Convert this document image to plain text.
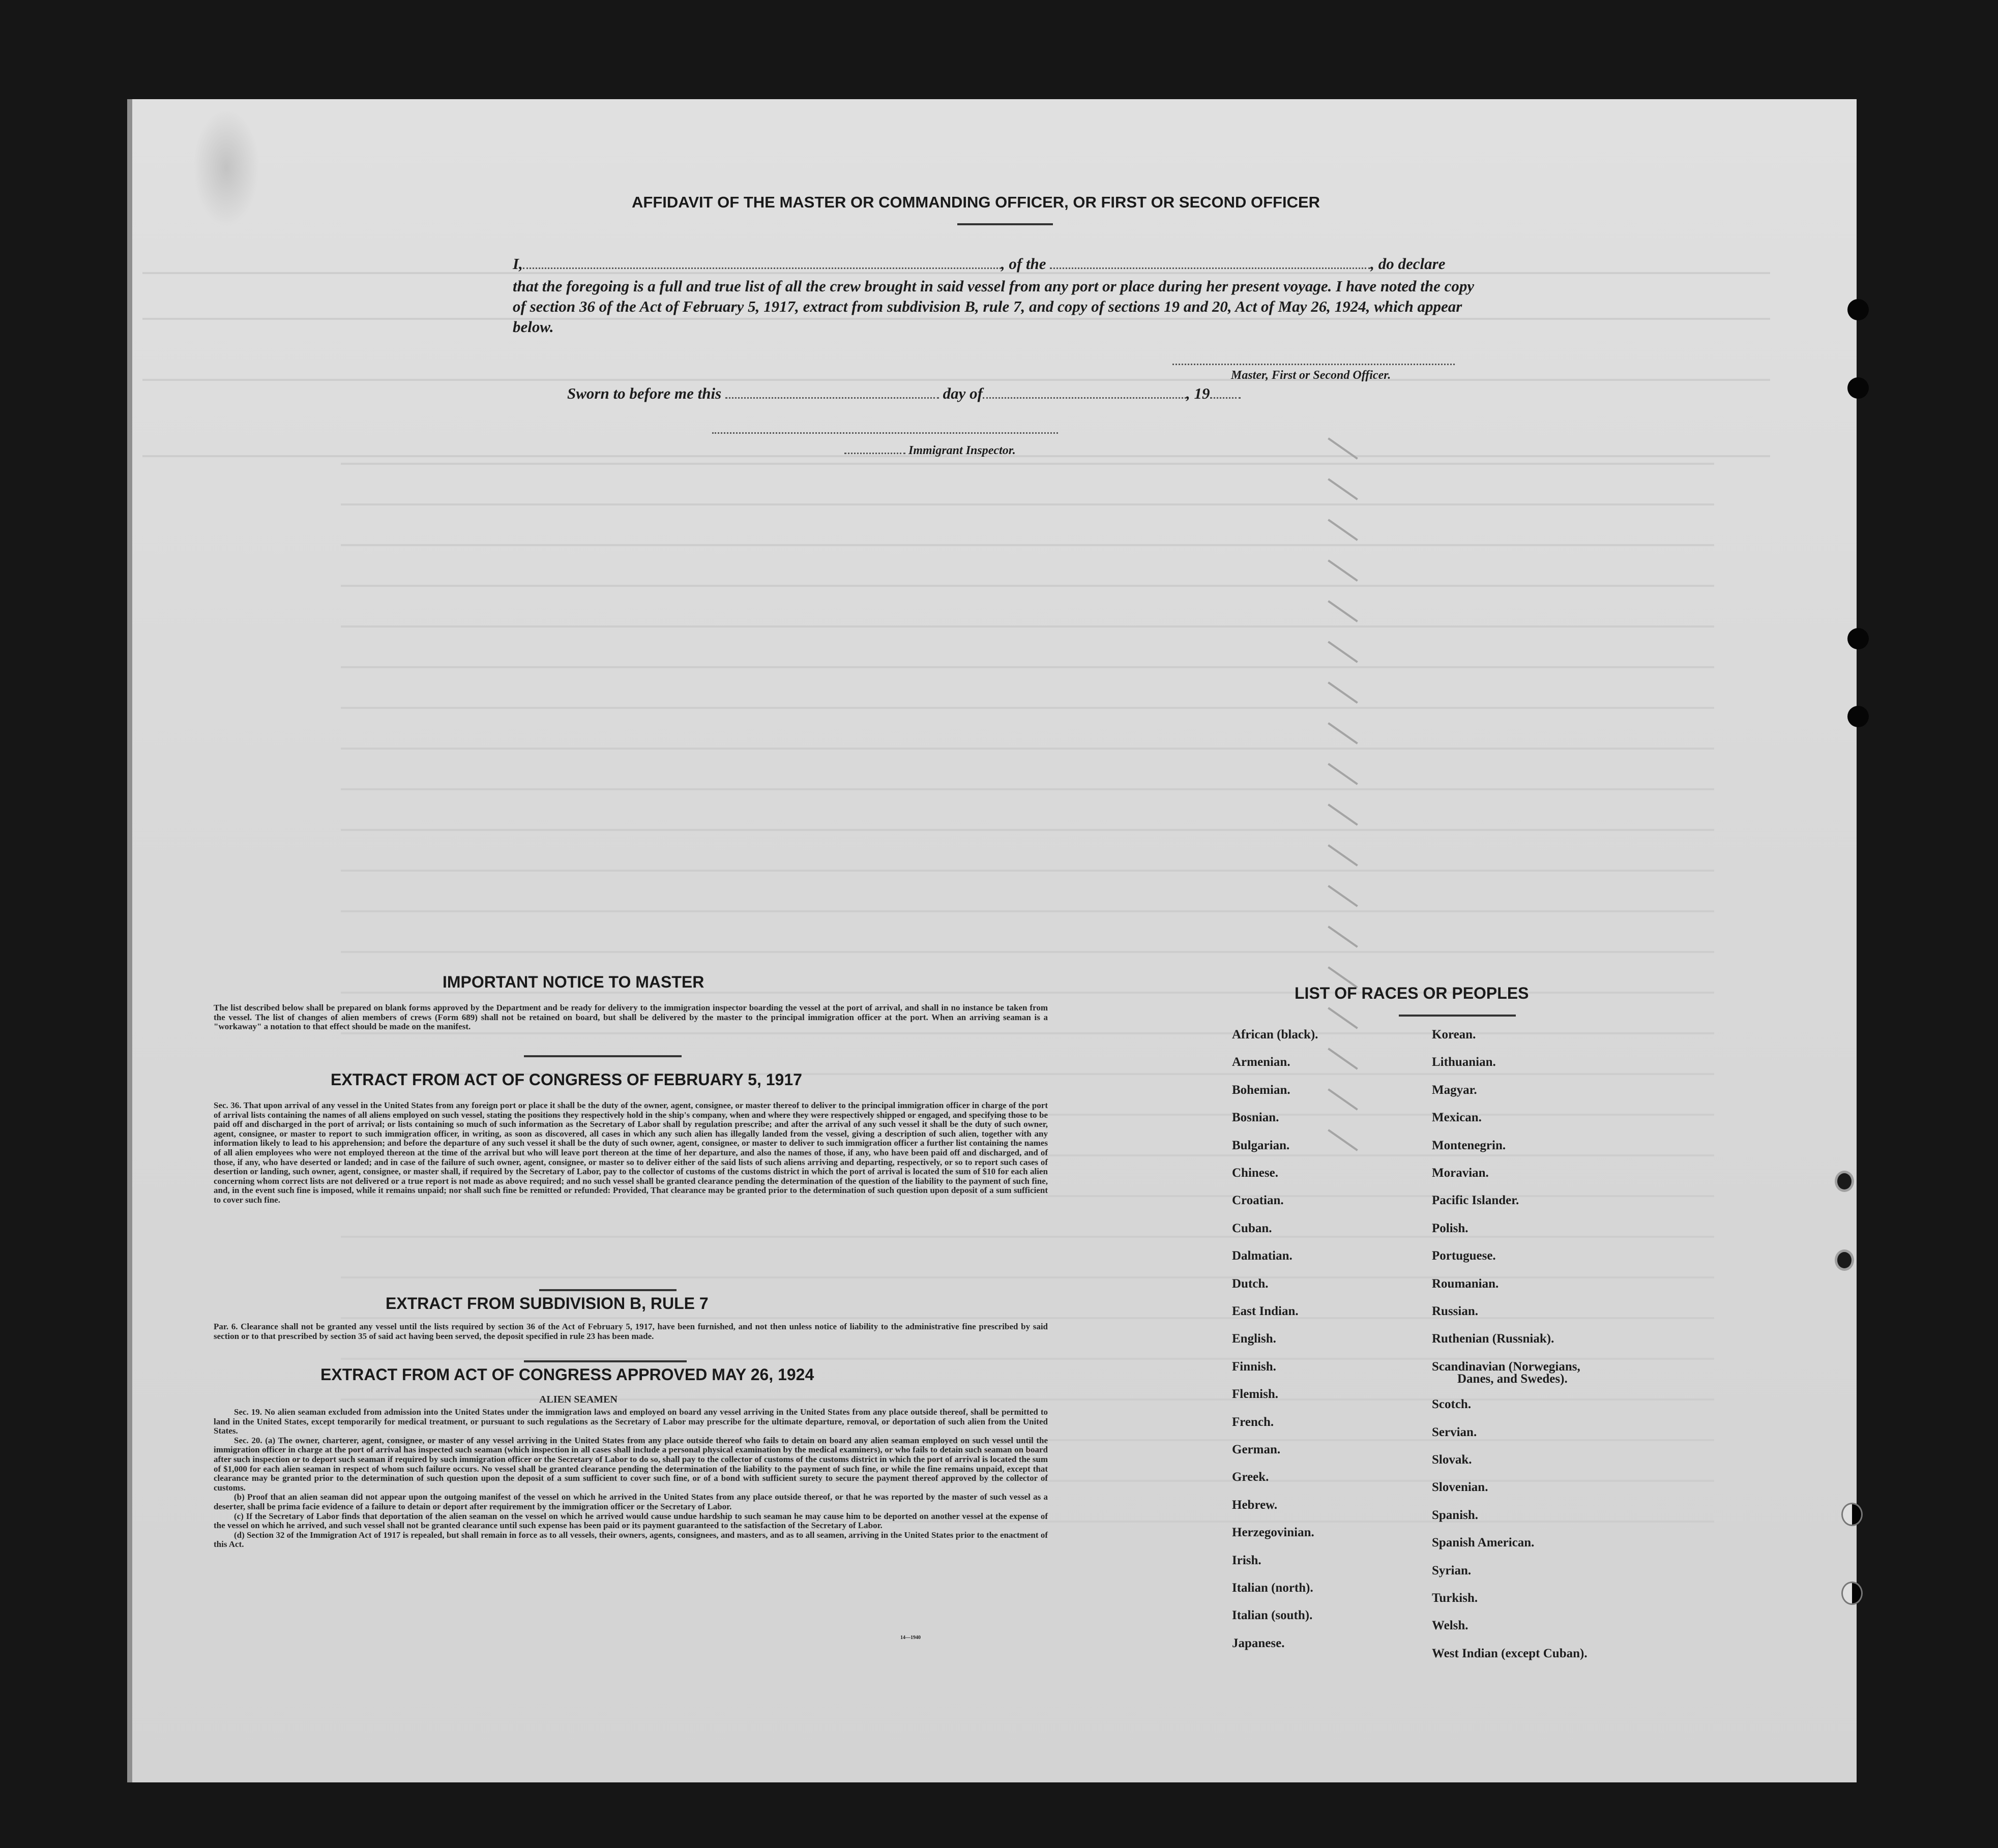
AFFIDAVIT OF THE MASTER OR COMMANDING OFFICER, OR FIRST OR SECOND OFFICER
I,	, of the	, do declare
that the foregoing is a full and true list of all the crew brought in said vessel from any port or place during her present voyage. I have noted the copy of section 36 of the Act of February 5, 1917, extract from subdivision B, rule 7, and copy of sections 19 and 20, Act of May 26, 1924, which appear below.
Master, First or Second Officer.
Sworn to before me this	day of	, 19
Immigrant Inspector.
IMPORTANT NOTICE TO MASTER
The list described below shall be prepared on blank forms approved by the Department and be ready for delivery to the immigration inspector boarding the vessel at the port of arrival, and shall in no instance be taken from the vessel. The list of changes of alien members of crews (Form 689) shall not be retained on board, but shall be delivered by the master to the principal immigration officer at the port. When an arriving seaman is a "workaway" a notation to that effect should be made on the manifest.
EXTRACT FROM ACT OF CONGRESS OF FEBRUARY 5, 1917
Sec. 36. That upon arrival of any vessel in the United States from any foreign port or place it shall be the duty of the owner, agent, consignee, or master thereof to deliver to the principal immigration officer in charge of the port of arrival lists containing the names of all aliens employed on such vessel, stating the positions they respectively hold in the ship's company, when and where they were respectively shipped or engaged, and specifying those to be paid off and discharged in the port of arrival; or lists containing so much of such information as the Secretary of Labor shall by regulation prescribe; and after the arrival of any such vessel it shall be the duty of such owner, agent, consignee, or master to report to such immigration officer, in writing, as soon as discovered, all cases in which any such alien has illegally landed from the vessel, giving a description of such alien, together with any information likely to lead to his apprehension; and before the departure of any such vessel it shall be the duty of such owner, agent, consignee, or master to deliver to such immigration officer a further list containing the names of all alien employees who were not employed thereon at the time of the arrival but who will leave port thereon at the time of her departure, and also the names of those, if any, who have been paid off and discharged, and of those, if any, who have deserted or landed; and in case of the failure of such owner, agent, consignee, or master so to deliver either of the said lists of such aliens arriving and departing, respectively, or so to report such cases of desertion or landing, such owner, agent, consignee, or master shall, if required by the Secretary of Labor, pay to the collector of customs of the customs district in which the port of arrival is located the sum of $10 for each alien concerning whom correct lists are not delivered or a true report is not made as above required; and no such vessel shall be granted clearance pending the determination of the question of the liability to the payment of such fine, and, in the event such fine is imposed, while it remains unpaid; nor shall such fine be remitted or refunded: Provided, That clearance may be granted prior to the determination of such question upon deposit of a sum sufficient to cover such fine.
EXTRACT FROM SUBDIVISION B, RULE 7
Par. 6. Clearance shall not be granted any vessel until the lists required by section 36 of the Act of February 5, 1917, have been furnished, and not then unless notice of liability to the administrative fine prescribed by said section or to that prescribed by section 35 of said act having been served, the deposit specified in rule 23 has been made.
EXTRACT FROM ACT OF CONGRESS APPROVED MAY 26, 1924
ALIEN SEAMEN

Sec. 19. No alien seaman excluded from admission into the United States under the immigration laws and employed on board any vessel arriving in the United States from any place outside thereof, shall be permitted to land in the United States, except temporarily for medical treatment, or pursuant to such regulations as the Secretary of Labor may prescribe for the ultimate departure, removal, or deportation of such alien from the United States.

Sec. 20. (a) The owner, charterer, agent, consignee, or master of any vessel arriving in the United States from any place outside thereof who fails to detain on board any alien seaman employed on such vessel until the immigration officer in charge at the port of arrival has inspected such seaman (which inspection in all cases shall include a personal physical examination by the medical examiners), or who fails to detain such seaman on board after such inspection or to deport such seaman if required by such immigration officer or the Secretary of Labor to do so, shall pay to the collector of customs of the customs district in which the port of arrival is located the sum of $1,000 for each alien seaman in respect of whom such failure occurs. No vessel shall be granted clearance pending the determination of the liability to the payment of such fine, or while the fine remains unpaid, except that clearance may be granted prior to the determination of such question upon the deposit of a sum sufficient to cover such fine, or of a bond with sufficient surety to secure the payment thereof approved by the collector of customs.

(b) Proof that an alien seaman did not appear upon the outgoing manifest of the vessel on which he arrived in the United States from any place outside thereof, or that he was reported by the master of such vessel as a deserter, shall be prima facie evidence of a failure to detain or deport after requirement by the immigration officer or the Secretary of Labor.

(c) If the Secretary of Labor finds that deportation of the alien seaman on the vessel on which he arrived would cause undue hardship to such seaman he may cause him to be deported on another vessel at the expense of the vessel on which he arrived, and such vessel shall not be granted clearance until such expense has been paid or its payment guaranteed to the satisfaction of the Secretary of Labor.

(d) Section 32 of the Immigration Act of 1917 is repealed, but shall remain in force as to all vessels, their owners, agents, consignees, and masters, and as to all seamen, arriving in the United States prior to the enactment of this Act.

14—1940
LIST OF RACES OR PEOPLES
African (black).
Armenian.
Bohemian.
Bosnian.
Bulgarian.
Chinese.
Croatian.
Cuban.
Dalmatian.
Dutch.
East Indian.
English.
Finnish.
Flemish.
French.
German.
Greek.
Hebrew.
Herzegovinian.
Irish.
Italian (north).
Italian (south).
Japanese.
Korean.
Lithuanian.
Magyar.
Mexican.
Montenegrin.
Moravian.
Pacific Islander.
Polish.
Portuguese.
Roumanian.
Russian.
Ruthenian (Russniak).
Scandinavian (Norwegians,
Danes, and Swedes).
Scotch.
Servian.
Slovak.
Slovenian.
Spanish.
Spanish American.
Syrian.
Turkish.
Welsh.
West Indian (except Cuban).
